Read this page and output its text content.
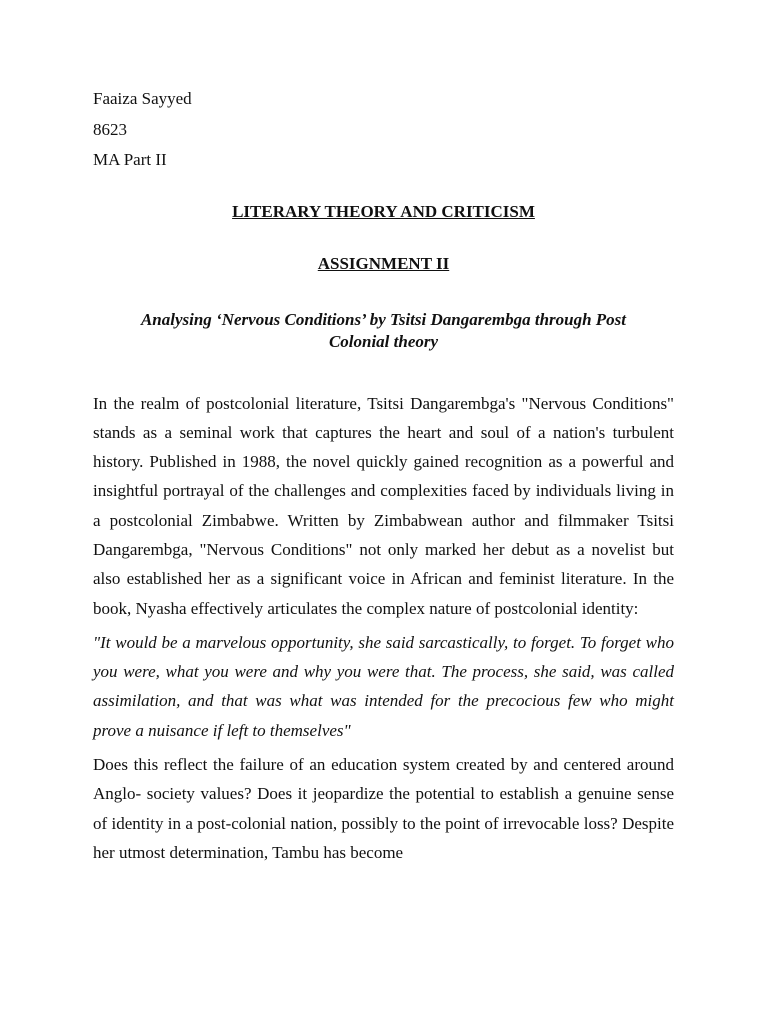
Faaiza Sayyed

8623

MA Part II

LITERARY THEORY AND CRITICISM

ASSIGNMENT II

Analysing ‘Nervous Conditions’ by Tsitsi Dangarembga through Post
Colonial theory

In the realm of postcolonial literature, Tsitsi Dangarembga's "Nervous Conditions" stands as a seminal work that captures the heart and soul of a nation's turbulent history. Published in 1988, the novel quickly gained recognition as a powerful and insightful portrayal of the challenges and complexities faced by individuals living in a postcolonial Zimbabwe. Written by Zimbabwean author and filmmaker Tsitsi Dangarembga, "Nervous Conditions" not only marked her debut as a novelist but also established her as a significant voice in African and feminist literature. In the book, Nyasha effectively articulates the complex nature of postcolonial identity:

"It would be a marvelous opportunity, she said sarcastically, to forget. To forget who you were, what you were and why you were that. The process, she said, was called assimilation, and that was what was intended for the precocious few who might prove a nuisance if left to themselves"

Does this reflect the failure of an education system created by and centered around Anglo- society values? Does it jeopardize the potential to establish a genuine sense of identity in a post-colonial nation, possibly to the point of irrevocable loss? Despite her utmost determination, Tambu has become
